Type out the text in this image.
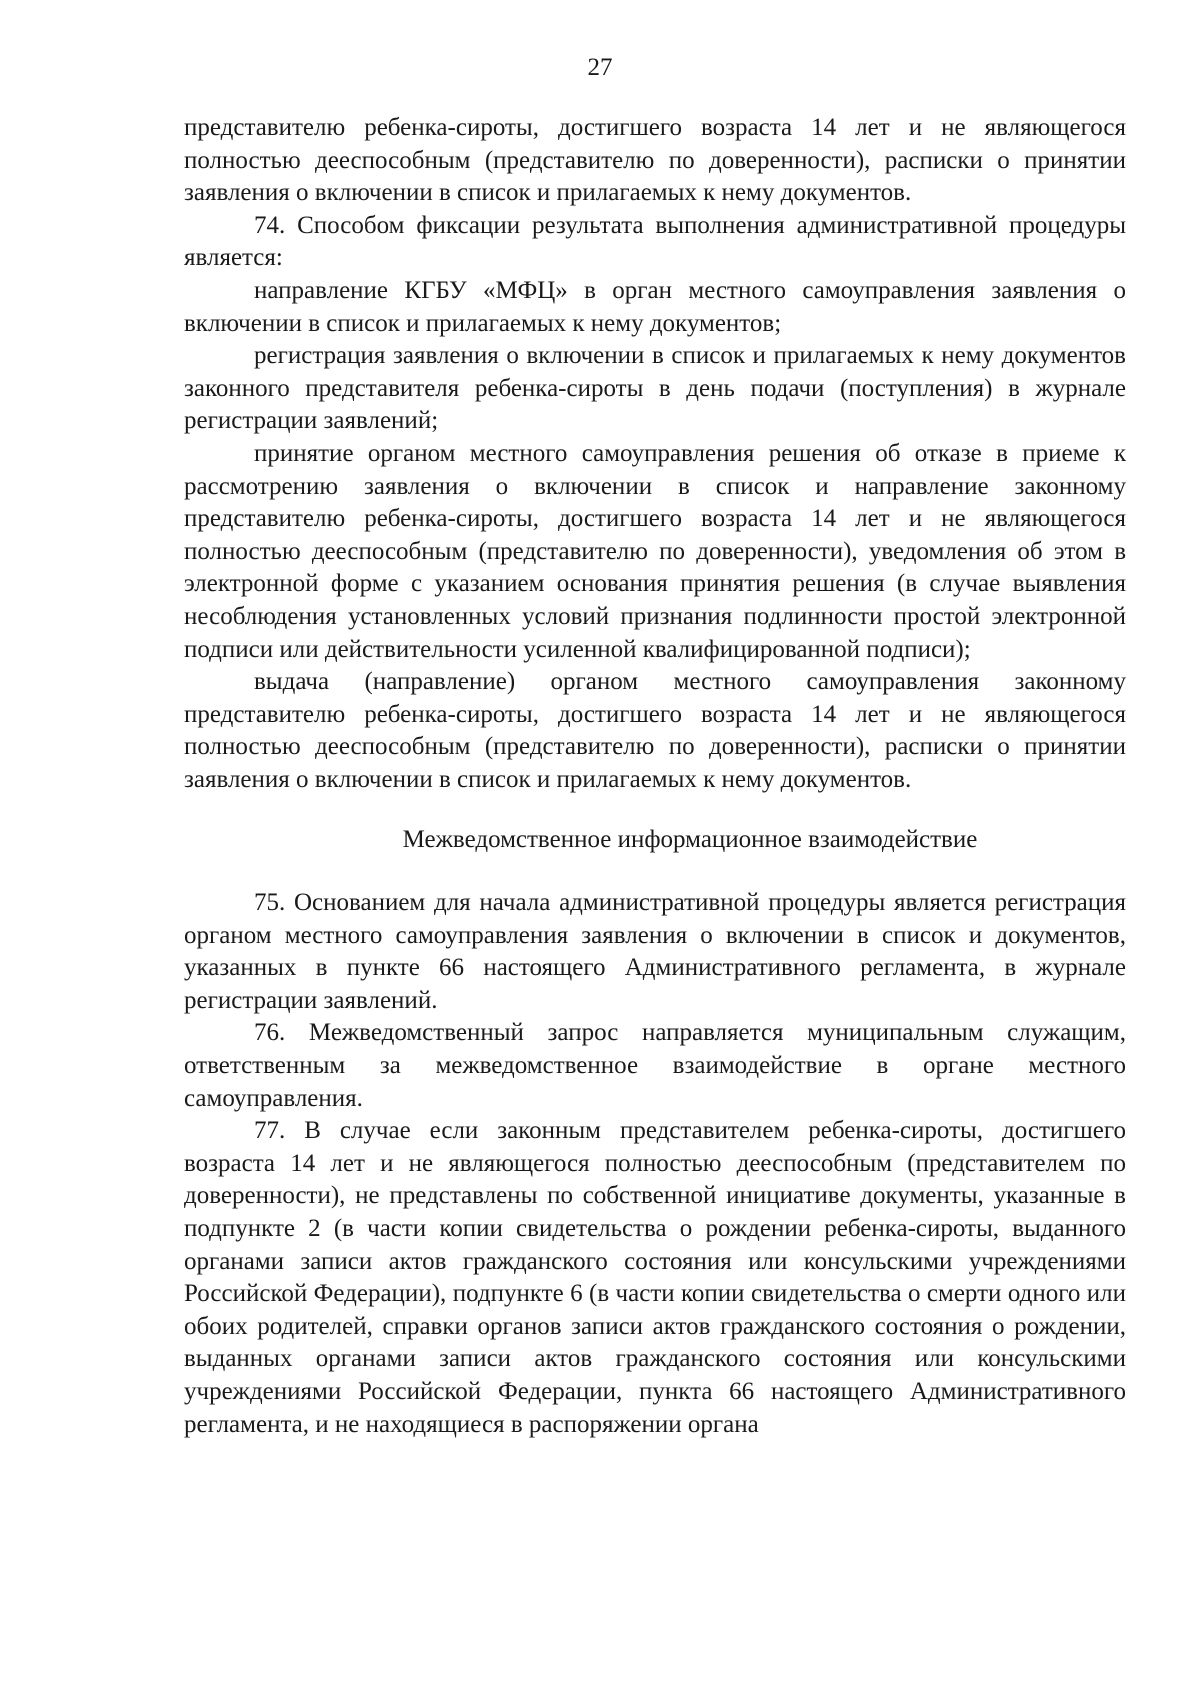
27

представителю ребенка-сироты, достигшего возраста 14 лет и не являющегося полностью дееспособным (представителю по доверенности), расписки о принятии заявления о включении в список и прилагаемых к нему документов.

74. Способом фиксации результата выполнения административной процедуры является:

направление КГБУ «МФЦ» в орган местного самоуправления заявления о включении в список и прилагаемых к нему документов;

регистрация заявления о включении в список и прилагаемых к нему документов законного представителя ребенка-сироты в день подачи (поступления) в журнале регистрации заявлений;

принятие органом местного самоуправления решения об отказе в приеме к рассмотрению заявления о включении в список и направление законному представителю ребенка-сироты, достигшего возраста 14 лет и не являющегося полностью дееспособным (представителю по доверенности), уведомления об этом в электронной форме с указанием основания принятия решения (в случае выявления несоблюдения установленных условий признания подлинности простой электронной подписи или действительности усиленной квалифицированной подписи);

выдача (направление) органом местного самоуправления законному представителю ребенка-сироты, достигшего возраста 14 лет и не являющегося полностью дееспособным (представителю по доверенности), расписки о принятии заявления о включении в список и прилагаемых к нему документов.

Межведомственное информационное взаимодействие

75. Основанием для начала административной процедуры является регистрация органом местного самоуправления заявления о включении в список и документов, указанных в пункте 66 настоящего Административного регламента, в журнале регистрации заявлений.

76. Межведомственный запрос направляется муниципальным служащим, ответственным за межведомственное взаимодействие в органе местного самоуправления.

77. В случае если законным представителем ребенка-сироты, достигшего возраста 14 лет и не являющегося полностью дееспособным (представителем по доверенности), не представлены по собственной инициативе документы, указанные в подпункте 2 (в части копии свидетельства о рождении ребенка-сироты, выданного органами записи актов гражданского состояния или консульскими учреждениями Российской Федерации), подпункте 6 (в части копии свидетельства о смерти одного или обоих родителей, справки органов записи актов гражданского состояния о рождении, выданных органами записи актов гражданского состояния или консульскими учреждениями Российской Федерации, пункта 66 настоящего Административного регламента, и не находящиеся в распоряжении органа
